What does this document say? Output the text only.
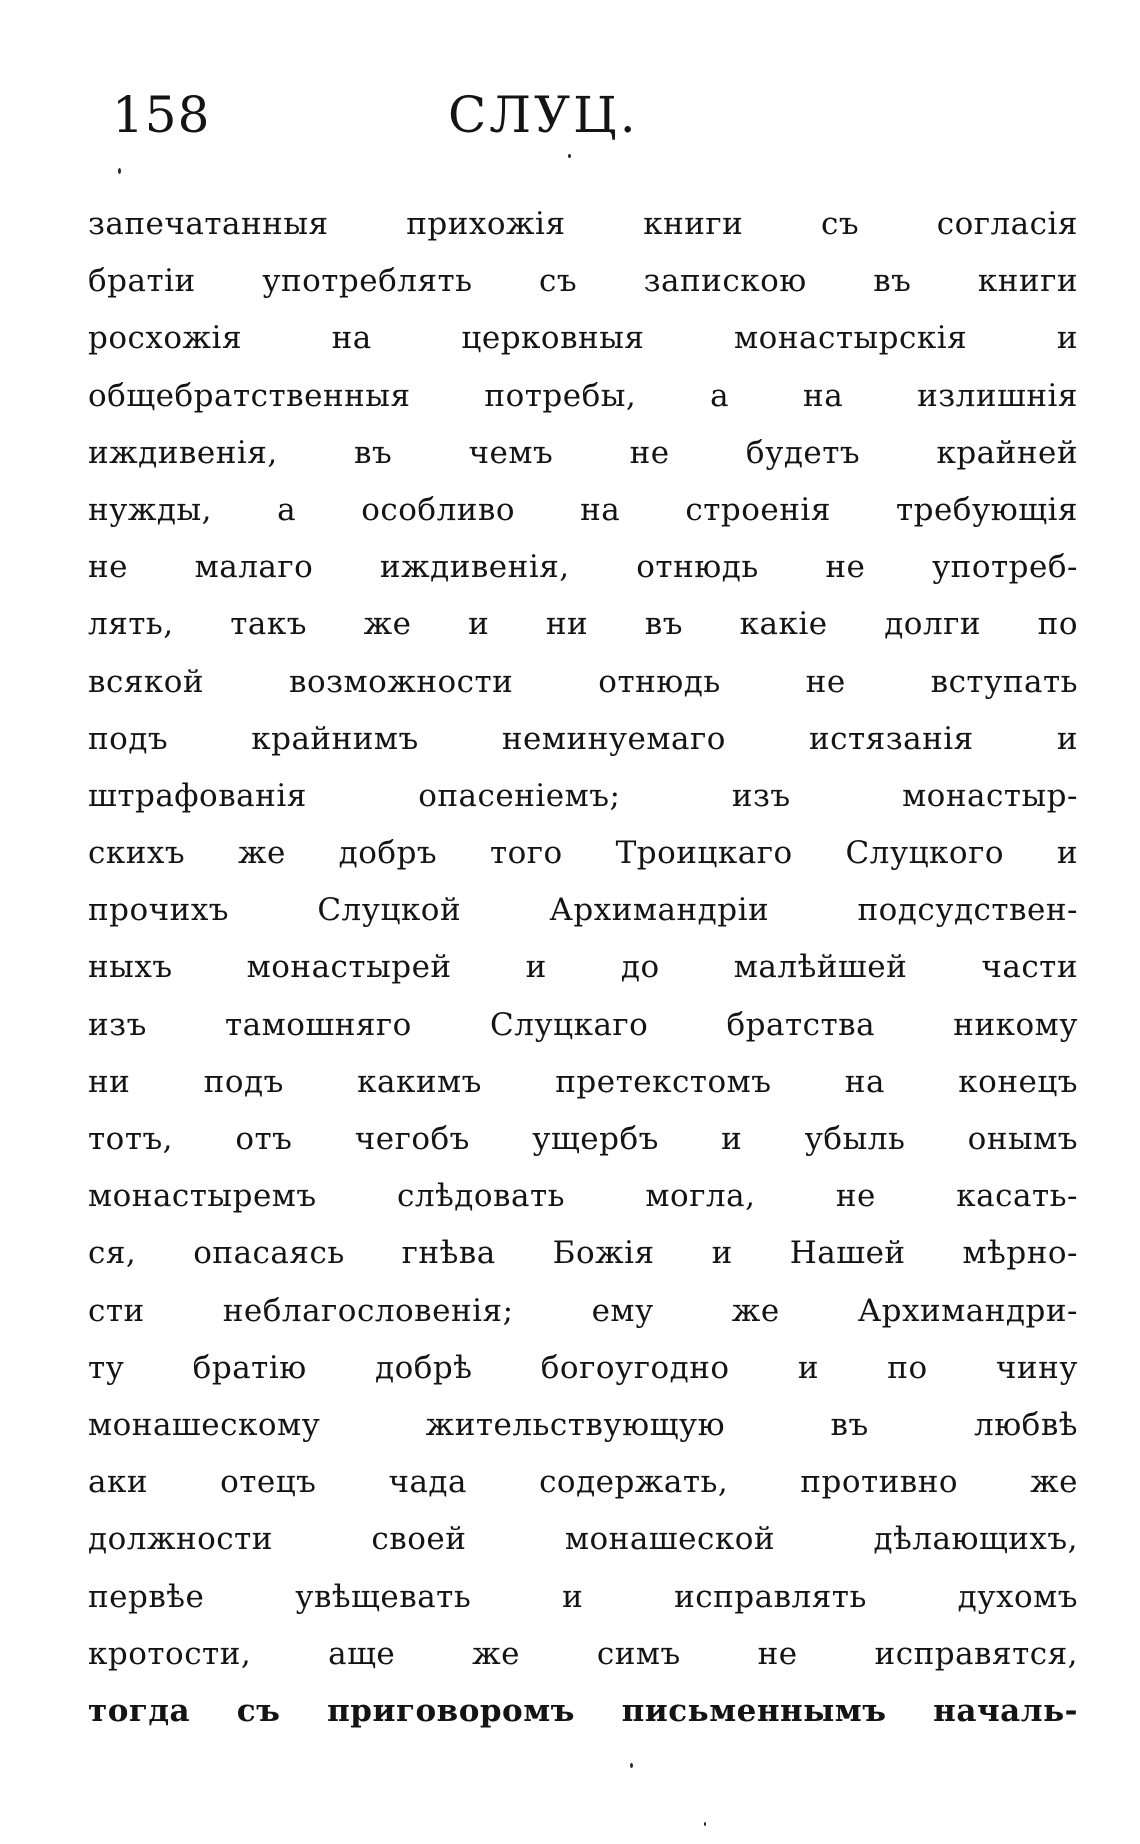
158	СЛУЦ.
запечатанныя прихожія книги съ согласія
братіи употреблять съ запискою въ книги
росхожія на церковныя монастырскія и
общебратственныя потребы, а на излишнія
иждивенія, въ чемъ не будетъ крайней
нужды, а особливо на строенія требующія
не малаго иждивенія, отнюдь не употреб-
лять, такъ же и ни въ какіе долги по
всякой возможности отнюдь не вступать
подъ крайнимъ неминуемаго истязанія и
штрафованія опасеніемъ; изъ монастыр-
скихъ же добръ того Троицкаго Слуцкого и
прочихъ Слуцкой Архимандріи подсудствен-
ныхъ монастырей и до малѣйшей части
изъ тамошняго Слуцкаго братства никому
ни подъ какимъ претекстомъ на конецъ
тотъ, отъ чегобъ ущербъ и убыль онымъ
монастыремъ слѣдовать могла, не касать-
ся, опасаясь гнѣва Божія и Нашей мѣрно-
сти неблагословенія; ему же Архимандри-
ту братію добрѣ богоугодно и по чину
монашескому жительствующую въ любвѣ
аки отецъ чада содержать, противно же
должности своей монашеской дѣлающихъ,
первѣе увѣщевать и исправлять духомъ
кротости, аще же симъ не исправятся,
тогда съ приговоромъ письменнымъ началь-
